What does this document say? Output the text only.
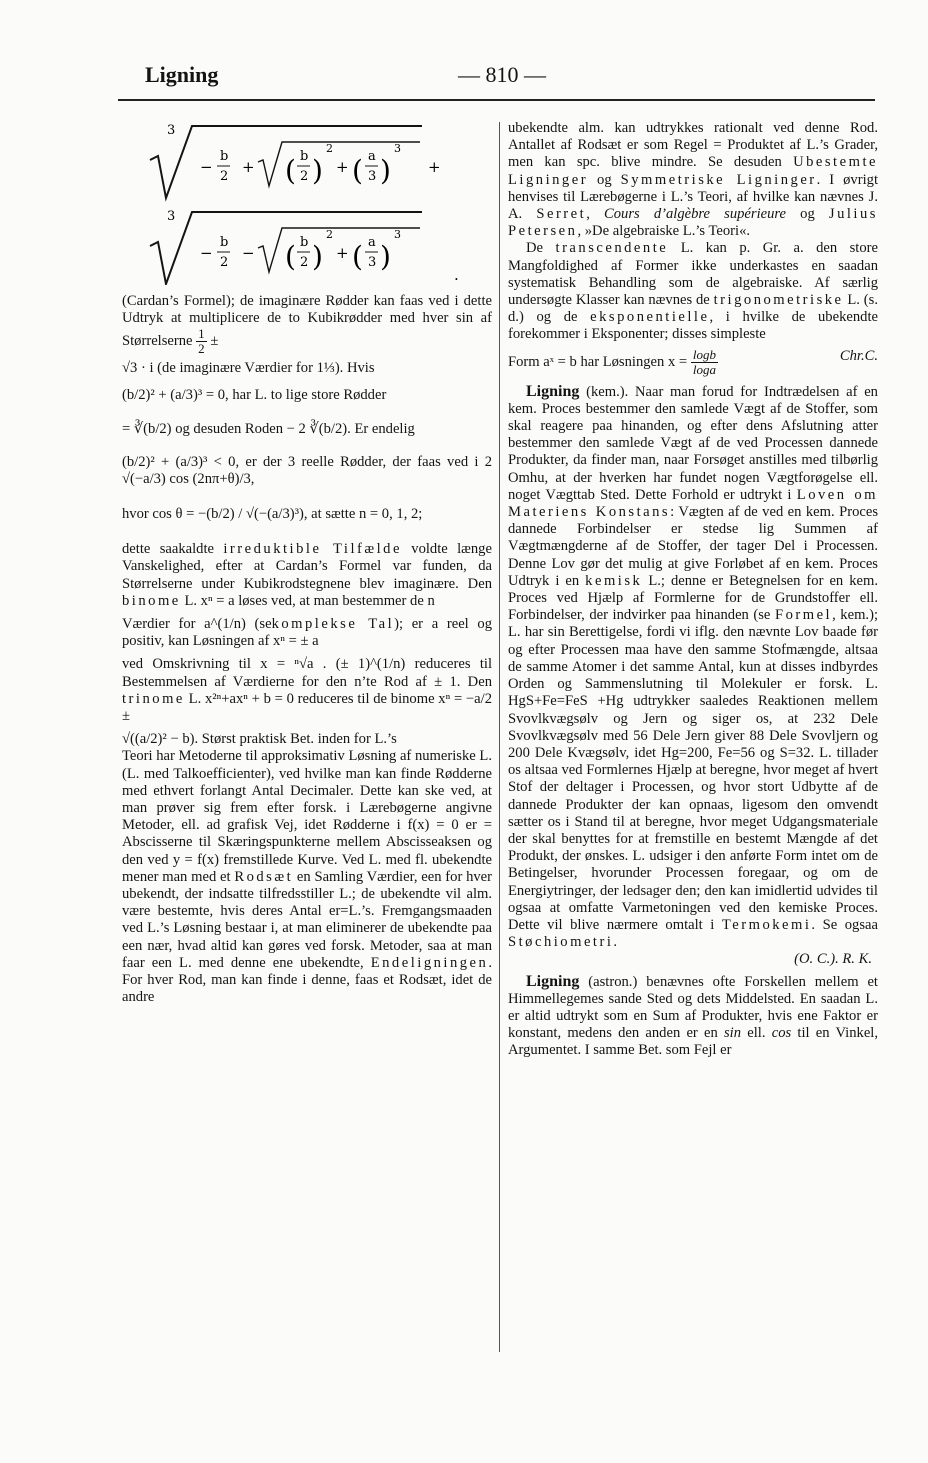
Ligning	— 810 —
3
−
b
2
+ ( b
2 )
2
+ ( a
3 )
3
+
3
−
b
2
− ( b
2 )
2
+ ( a
3 )
3
.

(Cardan’s Formel); de imaginære Rødder kan faas ved i dette Udtryk at multiplicere de to Kubikrødder med hver sin af Størrelserne $\frac{1}{2}$ ±

√3 · i (de imaginære Værdier for 1⅓). Hvis

(b/2)² + (a/3)³ = 0, har L. to lige store Rødder

= ∛(b/2) og desuden Roden − 2 ∛(b/2). Er endelig

(b/2)² + (a/3)³ < 0, er der 3 reelle Rødder, der faas ved i 2 √(−a/3) cos (2nπ+θ)/3,

hvor cos θ = −(b/2) / √(−(a/3)³), at sætte n = 0, 1, 2;

dette saakaldte irreduktible Tilfælde voldte længe Vanskelighed, efter at Cardan’s Formel var funden, da Størrelserne under Kubikrodstegnene blev imaginære. Den binome L. xⁿ = a løses ved, at man bestemmer de n

Værdier for a^(1/n) (sekomplekse Tal); er a reel og positiv, kan Løsningen af xⁿ = ± a

ved Omskrivning til x = ⁿ√a . (± 1)^(1/n) reduceres til Bestemmelsen af Værdierne for den n’te Rod af ± 1. Den trinome L. x²ⁿ+axⁿ + b = 0 reduceres til de binome xⁿ = −a/2 ±

√((a/2)² − b). Størst praktisk Bet. inden for L.’s

Teori har Metoderne til approksimativ Løsning af numeriske L. (L. med Talkoefficienter), ved hvilke man kan finde Rødderne med ethvert forlangt Antal Decimaler. Dette kan ske ved, at man prøver sig frem efter forsk. i Lærebøgerne angivne Metoder, ell. ad grafisk Vej, idet Rødderne i f(x) = 0 er = Abscisserne til Skæringspunkterne mellem Abscisseaksen og den ved y = f(x) fremstillede Kurve. Ved L. med fl. ubekendte mener man med et Rodsæt en Samling Værdier, een for hver ubekendt, der indsatte tilfredsstiller L.; de ubekendte vil alm. være bestemte, hvis deres Antal er=L.’s. Fremgangsmaaden ved L.’s Løsning bestaar i, at man eliminerer de ubekendte paa een nær, hvad altid kan gøres ved forsk. Metoder, saa at man faar een L. med denne ene ubekendte, Endeligningen. For hver Rod, man kan finde i denne, faas et Rodsæt, idet de andre

ubekendte alm. kan udtrykkes rationalt ved denne Rod. Antallet af Rodsæt er som Regel = Produktet af L.’s Grader, men kan spc. blive mindre. Se desuden Ubestemte Ligninger og Symmetriske Ligninger. I øvrigt henvises til Lærebøgerne i L.’s Teori, af hvilke kan nævnes J. A. Serret, Cours d’algèbre supérieure og Julius Petersen, »De algebraiske L.’s Teori«.

De transcendente L. kan p. Gr. a. den store Mangfoldighed af Former ikke underkastes en saadan systematisk Behandling som de algebraiske. Af særlig undersøgte Klasser kan nævnes de trigonometriske L. (s. d.) og de eksponentielle, i hvilke de ubekendte forekommer i Eksponenter; disses simpleste

Form aˣ = b har Løsningen $x = \frac{\log b}{\log a}$	Chr.C.

Ligning (kem.). Naar man forud for Indtrædelsen af en kem. Proces bestemmer den samlede Vægt af de Stoffer, som skal reagere paa hinanden, og efter dens Afslutning atter bestemmer den samlede Vægt af de ved Processen dannede Produkter, da finder man, naar Forsøget anstilles med tilbørlig Omhu, at der hverken har fundet nogen Vægtforøgelse ell. noget Vægttab Sted. Dette Forhold er udtrykt i Loven om Materiens Konstans: Vægten af de ved en kem. Proces dannede Forbindelser er stedse lig Summen af Vægtmængderne af de Stoffer, der tager Del i Processen. Denne Lov gør det mulig at give Forløbet af en kem. Proces Udtryk i en kemisk L.; denne er Betegnelsen for en kem. Proces ved Hjælp af Formlerne for de Grundstoffer ell. Forbindelser, der indvirker paa hinanden (se Formel, kem.); L. har sin Berettigelse, fordi vi iflg. den nævnte Lov baade før og efter Processen maa have den samme Stofmængde, altsaa de samme Atomer i det samme Antal, kun at disses indbyrdes Orden og Sammenslutning til Molekuler er forsk. L. HgS+Fe=FeS +Hg udtrykker saaledes Reaktionen mellem Svovlkvægsølv og Jern og siger os, at 232 Dele Svovlkvægsølv med 56 Dele Jern giver 88 Dele Svovljern og 200 Dele Kvægsølv, idet Hg=200, Fe=56 og S=32. L. tillader os altsaa ved Formlernes Hjælp at beregne, hvor meget af hvert Stof der deltager i Processen, og hvor stort Udbytte af de dannede Produkter der kan opnaas, ligesom den omvendt sætter os i Stand til at beregne, hvor meget Udgangsmateriale der skal benyttes for at fremstille en bestemt Mængde af det Produkt, der ønskes. L. udsiger i den anførte Form intet om de Betingelser, hvorunder Processen foregaar, og om de Energiytringer, der ledsager den; den kan imidlertid udvides til ogsaa at omfatte Varmetoningen ved den kemiske Proces. Dette vil blive nærmere omtalt i Termokemi. Se ogsaa Støchiometri.

(O. C.). R. K.

Ligning (astron.) benævnes ofte Forskellen mellem et Himmellegemes sande Sted og dets Middelsted. En saadan L. er altid udtrykt som en Sum af Produkter, hvis ene Faktor er konstant, medens den anden er en sin ell. cos til en Vinkel, Argumentet. I samme Bet. som Fejl er
